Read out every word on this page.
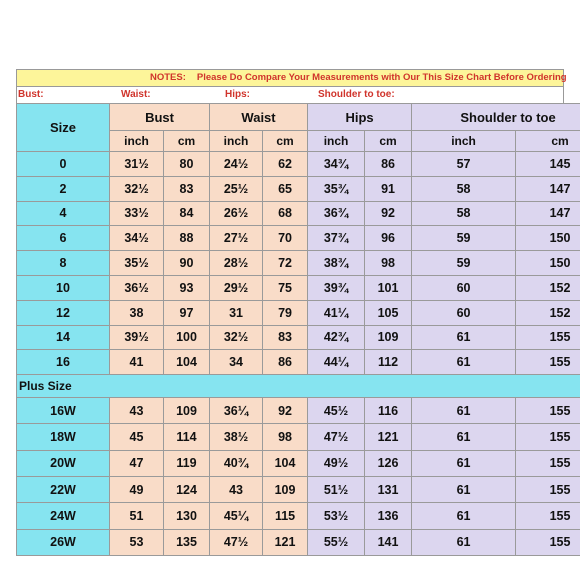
NOTES: Please Do Compare Your Measurements with Our This Size Chart Before Ordering
Bust:	Waist:	Hips:	Shoulder to toe:
Size	Bust		Waist		Hips		Shoulder to toe	
	inch	cm	inch	cm	inch	cm	inch	cm
0	31½	80	24½	62	34¾	86	57	145
2	32½	83	25½	65	35¾	91	58	147
4	33½	84	26½	68	36¾	92	58	147
6	34½	88	27½	70	37¾	96	59	150
8	35½	90	28½	72	38¾	98	59	150
10	36½	93	29½	75	39¾	101	60	152
12	38	97	31	79	41¼	105	60	152
14	39½	100	32½	83	42¾	109	61	155
16	41	104	34	86	44¼	112	61	155
Plus Size								
16W	43	109	36¼	92	45½	116	61	155
18W	45	114	38½	98	47½	121	61	155
20W	47	119	40¾	104	49½	126	61	155
22W	49	124	43	109	51½	131	61	155
24W	51	130	45¼	115	53½	136	61	155
26W	53	135	47½	121	55½	141	61	155
